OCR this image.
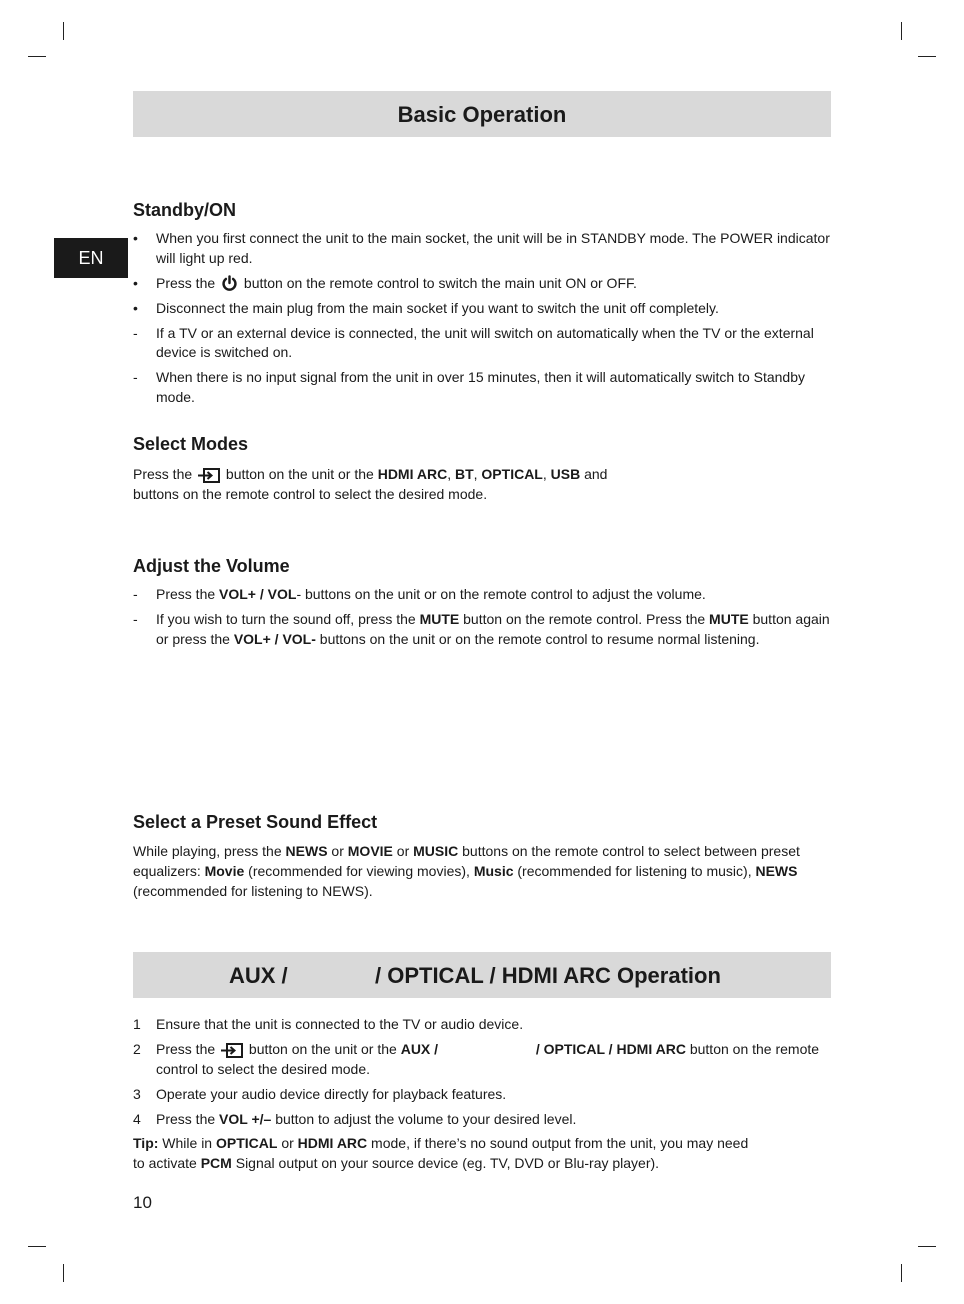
Basic Operation
EN
Standby/ON
• When you first connect the unit to the main socket, the unit will be in STANDBY mode. The POWER indicator will light up red.
• Press the button on the remote control to switch the main unit ON or OFF.
• Disconnect the main plug from the main socket if you want to switch the unit off completely.
- If a TV or an external device is connected, the unit will switch on automatically when the TV or the external device is switched on.
- When there is no input signal from the unit in over 15 minutes, then it will automatically switch to Standby mode.
Select Modes

Press the button on the unit or the HDMI ARC, BT, OPTICAL, USB and buttons on the remote control to select the desired mode.

Adjust the Volume
- Press the VOL+ / VOL- buttons on the unit or on the remote control to adjust the volume.
- If you wish to turn the sound off, press the MUTE button on the remote control. Press the MUTE button again or press the VOL+ / VOL- buttons on the unit or on the remote control to resume normal listening.
Select a Preset Sound Effect

While playing, press the NEWS or MOVIE or MUSIC buttons on the remote control to select between preset equalizers: Movie (recommended for viewing movies), Music (recommended for listening to music), NEWS (recommended for listening to NEWS).

AUX /	/ OPTICAL / HDMI ARC Operation
1 Ensure that the unit is connected to the TV or audio device.
2 Press the button on the unit or the AUX /	/ OPTICAL / HDMI ARC button on the remote control to select the desired mode.
3 Operate your audio device directly for playback features.
4 Press the VOL +/– button to adjust the volume to your desired level.

Tip: While in OPTICAL or HDMI ARC mode, if there’s no sound output from the unit, you may need to activate PCM Signal output on your source device (eg. TV, DVD or Blu-ray player).

10
